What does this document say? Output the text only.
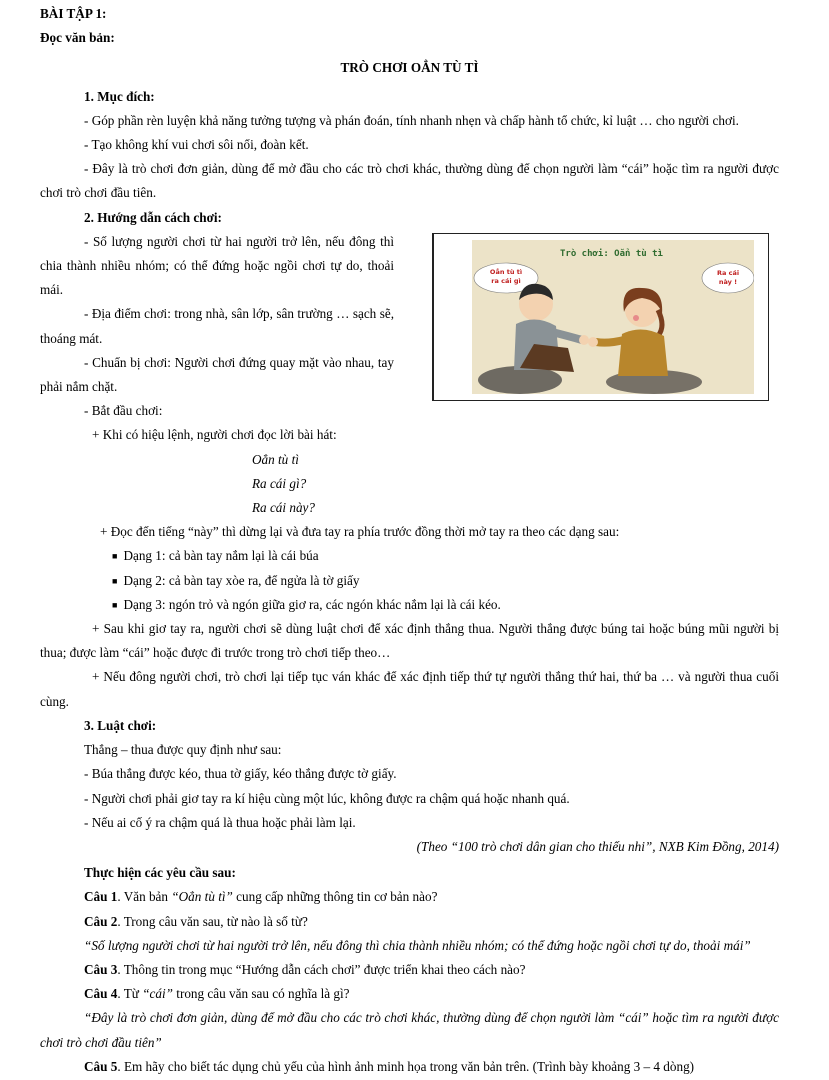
BÀI TẬP 1:

Đọc văn bản:

TRÒ CHƠI OẲN TÙ TÌ

1. Mục đích:

- Góp phần rèn luyện khả năng tưởng tượng và phán đoán, tính nhanh nhẹn và chấp hành tổ chức, kỉ luật … cho người chơi.

- Tạo không khí vui chơi sôi nổi, đoàn kết.

- Đây là trò chơi đơn giản, dùng để mở đầu cho các trò chơi khác, thường dùng để chọn người làm “cái” hoặc tìm ra người được chơi trò chơi đầu tiên.

2. Hướng dẫn cách chơi:

- Số lượng người chơi từ hai người trở lên, nếu đông thì chia thành nhiều nhóm; có thể đứng hoặc ngồi chơi tự do, thoải mái.

- Địa điểm chơi: trong nhà, sân lớp, sân trường … sạch sẽ, thoáng mát.

- Chuẩn bị chơi: Người chơi đứng quay mặt vào nhau, tay phải nắm chặt.

- Bắt đầu chơi:

+ Khi có hiệu lệnh, người chơi đọc lời bài hát:

Oẳn tù tì

Ra cái gì?

Ra cái này?

+ Đọc đến tiếng “này” thì dừng lại và đưa tay ra phía trước đồng thời mở tay ra theo các dạng sau:

■ Dạng 1: cả bàn tay nắm lại là cái búa

■ Dạng 2: cả bàn tay xòe ra, để ngửa là tờ giấy

■ Dạng 3: ngón trỏ và ngón giữa giơ ra, các ngón khác nắm lại là cái kéo.

+ Sau khi giơ tay ra, người chơi sẽ dùng luật chơi để xác định thắng thua. Người thắng được búng tai hoặc búng mũi người bị thua; được làm “cái” hoặc được đi trước trong trò chơi tiếp theo…

+ Nếu đông người chơi, trò chơi lại tiếp tục ván khác để xác định tiếp thứ tự người thắng thứ hai, thứ ba … và người thua cuối cùng.

3. Luật chơi:

Thắng – thua được quy định như sau:

- Búa thắng được kéo, thua tờ giấy, kéo thắng được tờ giấy.

- Người chơi phải giơ tay ra kí hiệu cùng một lúc, không được ra chậm quá hoặc nhanh quá.

- Nếu ai cố ý ra chậm quá là thua hoặc phải làm lại.

(Theo “100 trò chơi dân gian cho thiếu nhi”, NXB Kim Đồng, 2014)

Thực hiện các yêu cầu sau:

Câu 1. Văn bản “Oẳn tù tì” cung cấp những thông tin cơ bản nào?

Câu 2. Trong câu văn sau, từ nào là số từ?

“Số lượng người chơi từ hai người trở lên, nếu đông thì chia thành nhiều nhóm; có thể đứng hoặc ngồi chơi tự do, thoải mái”

Câu 3. Thông tin trong mục “Hướng dẫn cách chơi” được triển khai theo cách nào?

Câu 4. Từ “cái” trong câu văn sau có nghĩa là gì?

“Đây là trò chơi đơn giản, dùng để mở đầu cho các trò chơi khác, thường dùng để chọn người làm “cái” hoặc tìm ra người được chơi trò chơi đầu tiên”

Câu 5. Em hãy cho biết tác dụng chủ yếu của hình ảnh minh họa trong văn bản trên. (Trình bày khoảng 3 – 4 dòng)

Trò chơi: Oẳn tù tì
Oẳn tù tì
ra cái gì
Ra cái
này !
